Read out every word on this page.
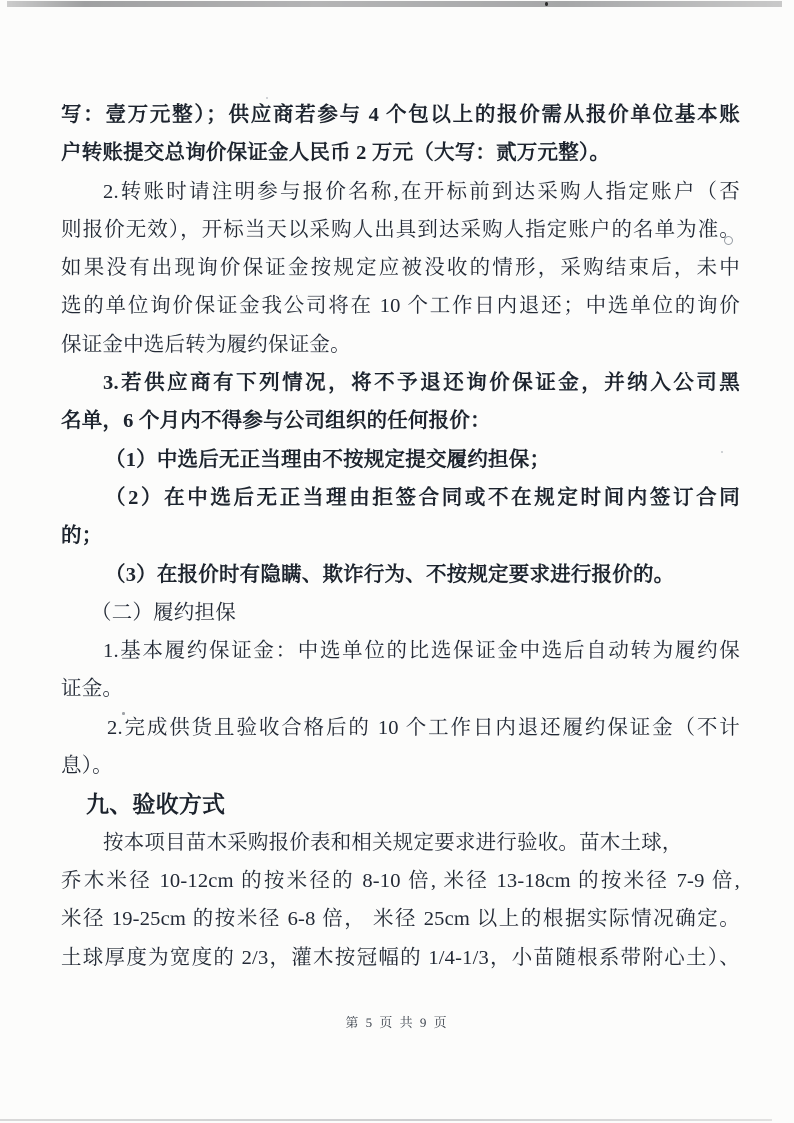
写：壹万元整）；供应商若参与 4 个包以上的报价需从报价单位基本账
户转账提交总询价保证金人民币 2 万元（大写：贰万元整）。
2.转账时请注明参与报价名称,在开标前到达采购人指定账户（否
则报价无效），开标当天以采购人出具到达采购人指定账户的名单为准。
如果没有出现询价保证金按规定应被没收的情形，采购结束后，未中
选的单位询价保证金我公司将在 10 个工作日内退还；中选单位的询价
保证金中选后转为履约保证金。
3.若供应商有下列情况，将不予退还询价保证金，并纳入公司黑
名单，6 个月内不得参与公司组织的任何报价：
（1）中选后无正当理由不按规定提交履约担保；
（2）在中选后无正当理由拒签合同或不在规定时间内签订合同
的；
（3）在报价时有隐瞒、欺诈行为、不按规定要求进行报价的。
（二）履约担保
1.基本履约保证金：中选单位的比选保证金中选后自动转为履约保
证金。
2.完成供货且验收合格后的 10 个工作日内退还履约保证金（不计
息）。
九、验收方式
按本项目苗木采购报价表和相关规定要求进行验收。苗木土球，
乔木米径 10-12cm 的按米径的 8-10 倍, 米径 13-18cm 的按米径 7-9 倍,
米径 19-25cm 的按米径 6-8 倍， 米径 25cm 以上的根据实际情况确定。
土球厚度为宽度的 2/3，灌木按冠幅的 1/4-1/3，小苗随根系带附心土）、
第 5 页 共 9 页
